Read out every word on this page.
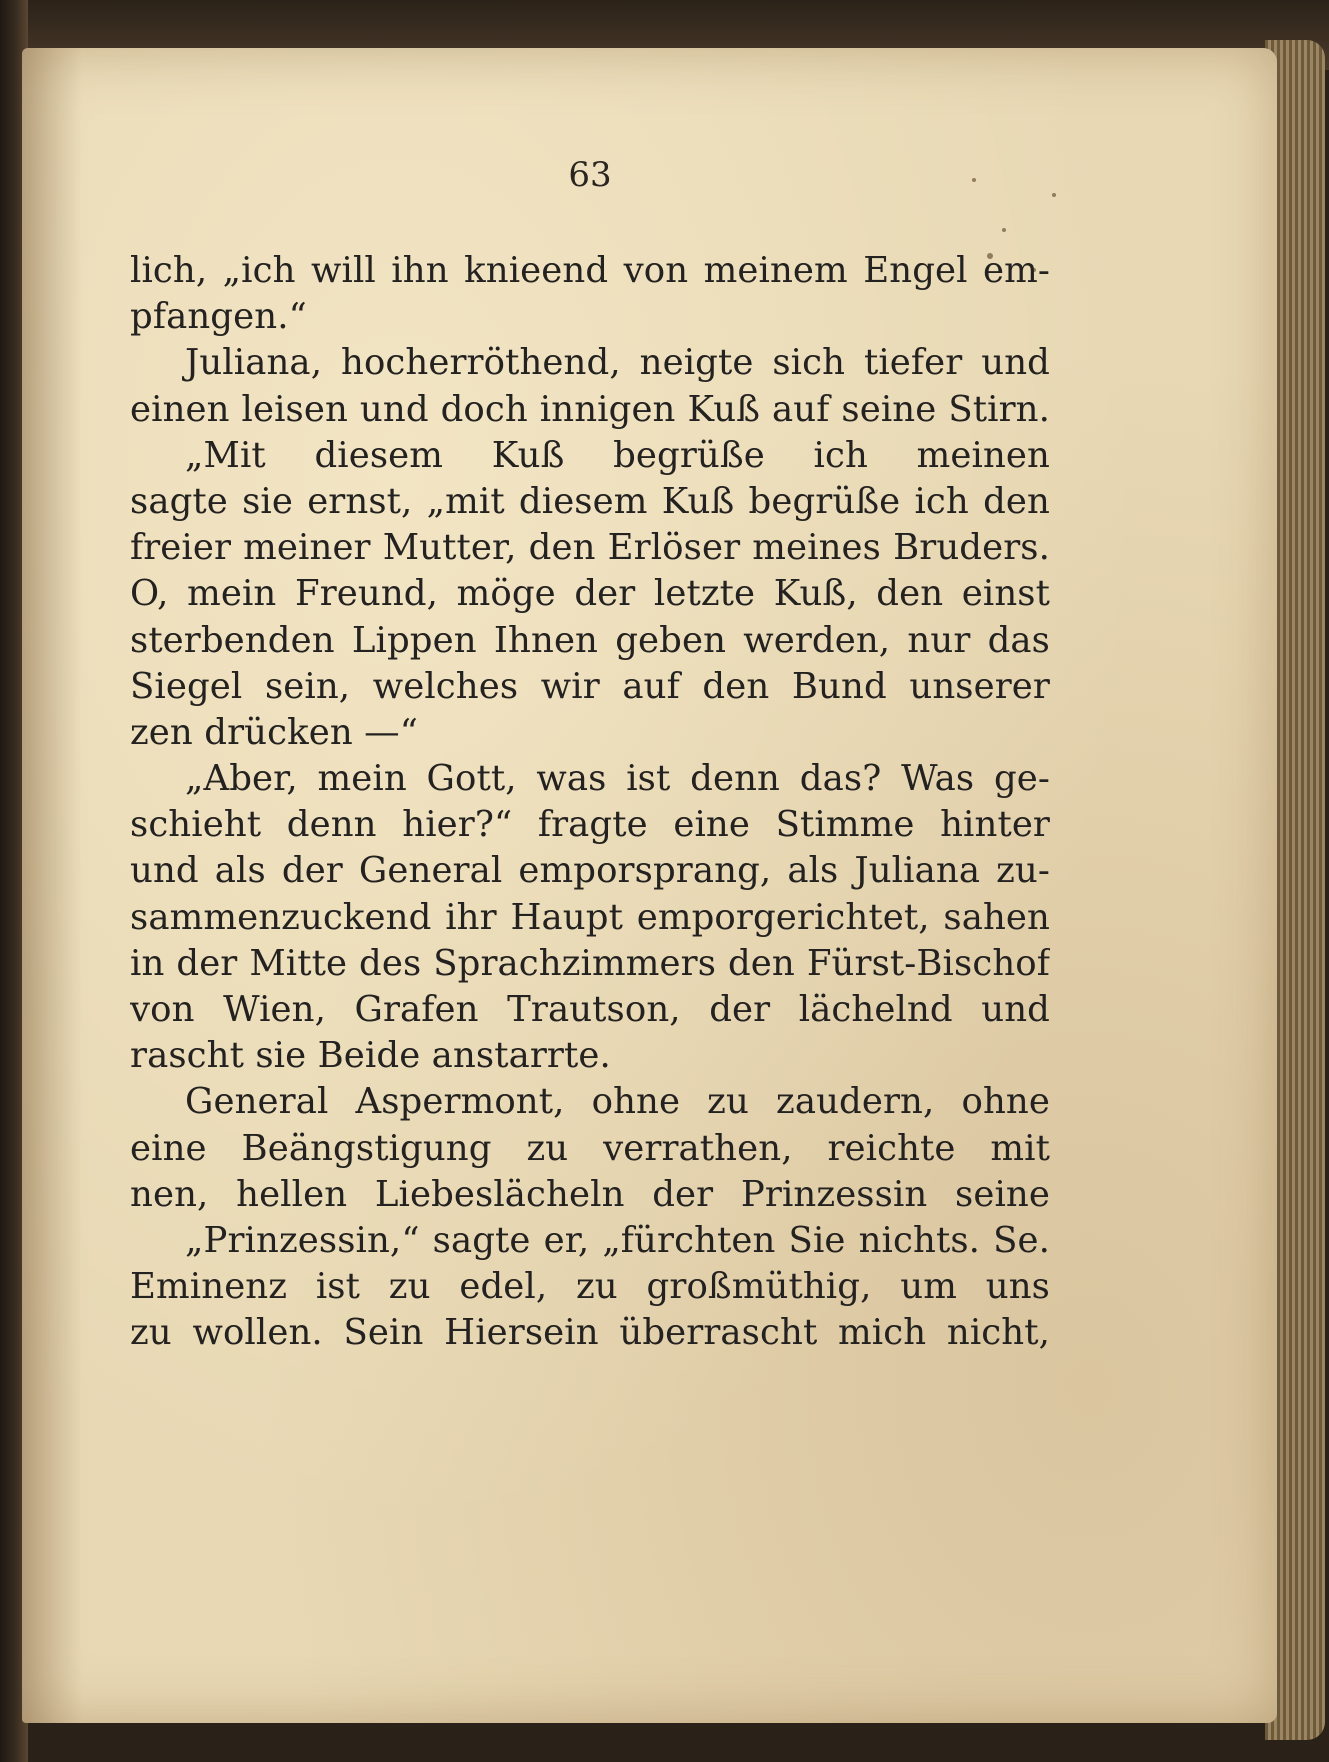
63
lich, „ich will ihn knieend von meinem Engel em-
pfangen.“
Juliana, hocherröthend, neigte sich tiefer und
einen leisen und doch innigen Kuß auf seine Stirn.
„Mit diesem Kuß begrüße ich meinen
sagte sie ernst, „mit diesem Kuß begrüße ich den
freier meiner Mutter, den Erlöser meines Bruders.
O, mein Freund, möge der letzte Kuß, den einst
sterbenden Lippen Ihnen geben werden, nur das
Siegel sein, welches wir auf den Bund unserer
zen drücken —“
„Aber, mein Gott, was ist denn das? Was ge-
schieht denn hier?“ fragte eine Stimme hinter
und als der General emporsprang, als Juliana zu-
sammenzuckend ihr Haupt emporgerichtet, sahen
in der Mitte des Sprachzimmers den Fürst-Bischof
von Wien, Grafen Trautson, der lächelnd und
rascht sie Beide anstarrte.
General Aspermont, ohne zu zaudern, ohne
eine Beängstigung zu verrathen, reichte mit
nen, hellen Liebeslächeln der Prinzessin seine
„Prinzessin,“ sagte er, „fürchten Sie nichts. Se.
Eminenz ist zu edel, zu großmüthig, um uns
zu wollen. Sein Hiersein überrascht mich nicht,
